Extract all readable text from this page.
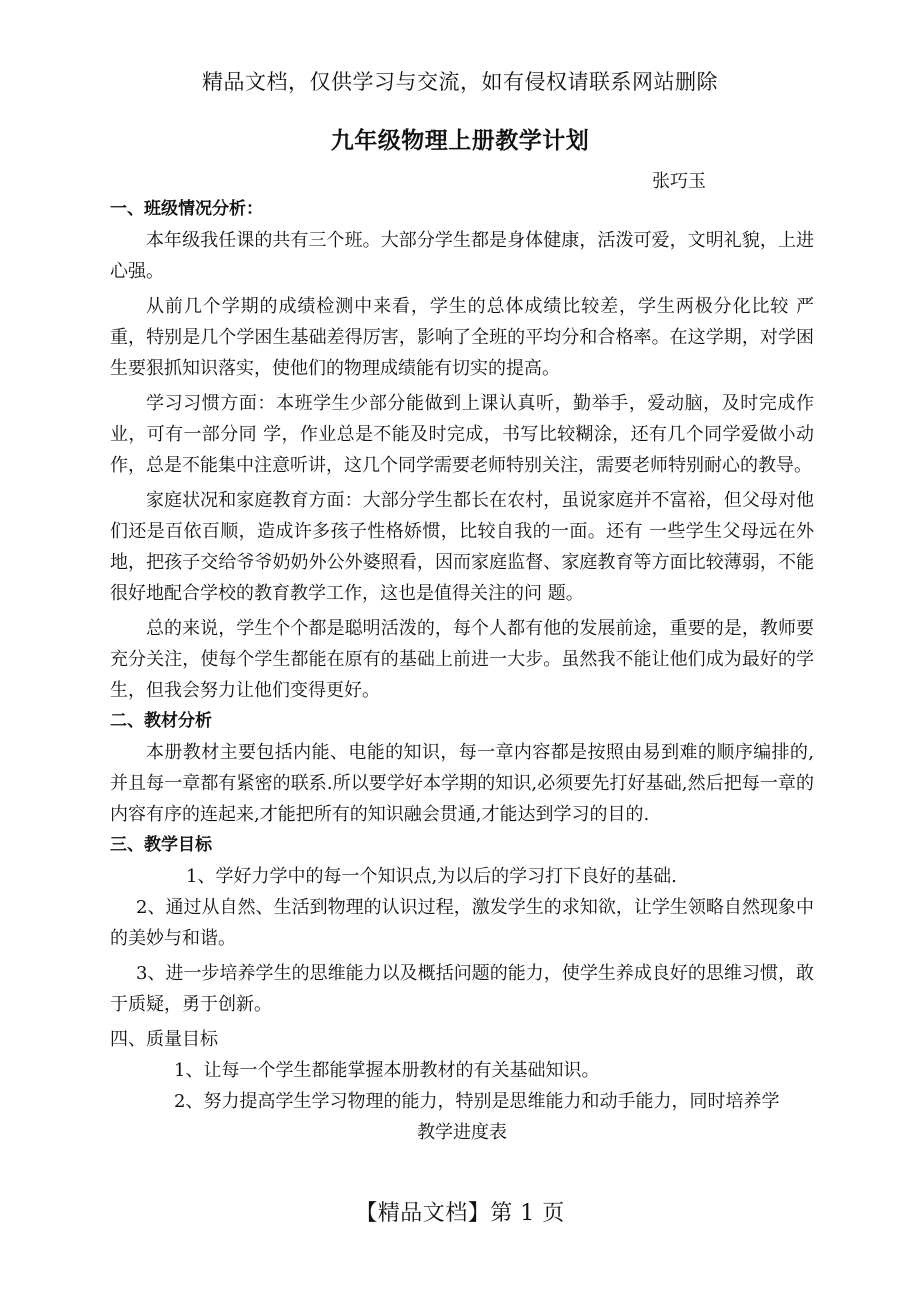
精品文档，仅供学习与交流，如有侵权请联系网站删除
九年级物理上册教学计划
张巧玉
一、班级情况分析：

本年级我任课的共有三个班。大部分学生都是身体健康，活泼可爱，文明礼貌，上进心强。

从前几个学期的成绩检测中来看，学生的总体成绩比较差，学生两极分化比较 严重，特别是几个学困生基础差得厉害，影响了全班的平均分和合格率。在这学期，对学困生要狠抓知识落实，使他们的物理成绩能有切实的提高。

学习习惯方面：本班学生少部分能做到上课认真听，勤举手，爱动脑，及时完成作业，可有一部分同 学，作业总是不能及时完成，书写比较糊涂，还有几个同学爱做小动作，总是不能集中注意听讲，这几个同学需要老师特别关注，需要老师特别耐心的教导。

家庭状况和家庭教育方面：大部分学生都长在农村，虽说家庭并不富裕，但父母对他们还是百依百顺，造成许多孩子性格娇惯，比较自我的一面。还有 一些学生父母远在外地，把孩子交给爷爷奶奶外公外婆照看，因而家庭监督、家庭教育等方面比较薄弱，不能很好地配合学校的教育教学工作，这也是值得关注的问 题。

总的来说，学生个个都是聪明活泼的，每个人都有他的发展前途，重要的是，教师要充分关注，使每个学生都能在原有的基础上前进一大步。虽然我不能让他们成为最好的学生，但我会努力让他们变得更好。

二、教材分析

本册教材主要包括内能、电能的知识，每一章内容都是按照由易到难的顺序编排的,并且每一章都有紧密的联系.所以要学好本学期的知识,必须要先打好基础,然后把每一章的内容有序的连起来,才能把所有的知识融会贯通,才能达到学习的目的.

三、教学目标

1、学好力学中的每一个知识点,为以后的学习打下良好的基础.

2、通过从自然、生活到物理的认识过程，激发学生的求知欲，让学生领略自然现象中的美妙与和谐。

3、进一步培养学生的思维能力以及概括问题的能力，使学生养成良好的思维习惯，敢于质疑，勇于创新。

四、质量目标

1、让每一个学生都能掌握本册教材的有关基础知识。

2、努力提高学生学习物理的能力，特别是思维能力和动手能力，同时培养学

教学进度表

【精品文档】第 1 页
